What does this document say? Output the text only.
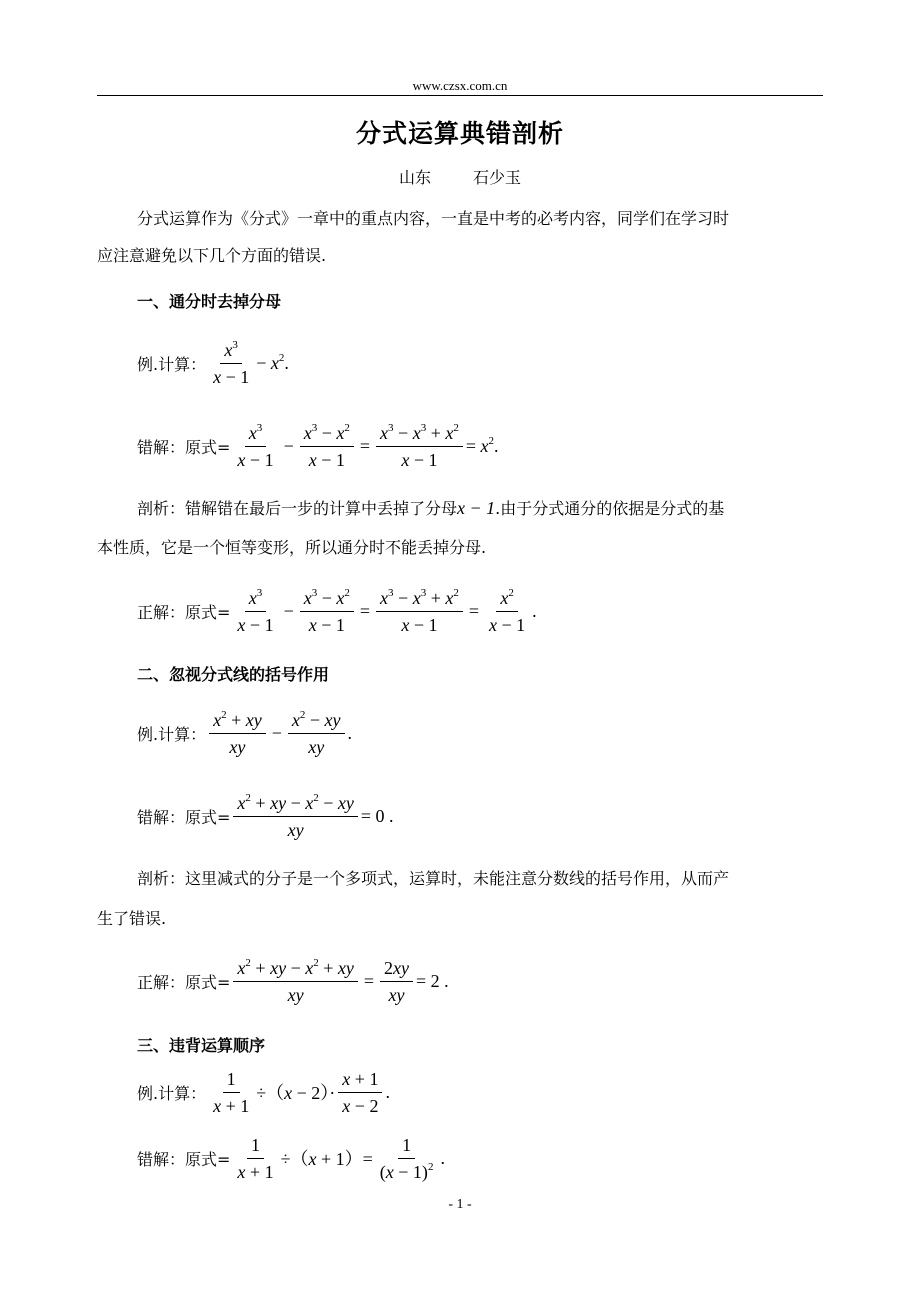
www.czsx.com.cn
分式运算典错剖析
山东	石少玉
分式运算作为《分式》一章中的重点内容，一直是中考的必考内容，同学们在学习时
应注意避免以下几个方面的错误.
一、通分时去掉分母
例.计算： $\frac{x^3}{x - 1} - x^2$.
错解：原式= $\frac{x^3}{x - 1} - \frac{x^3 - x^2}{x - 1} = \frac{x^3 - x^3 + x^2}{x - 1} = x^2$.
剖析：错解错在最后一步的计算中丢掉了分母x − 1.由于分式通分的依据是分式的基
本性质，它是一个恒等变形，所以通分时不能丢掉分母.
正解：原式= $\frac{x^3}{x - 1} - \frac{x^3 - x^2}{x - 1} = \frac{x^3 - x^3 + x^2}{x - 1} = \frac{x^2}{x - 1}$ .
二、忽视分式线的括号作用
例.计算： $\frac{x^2 + xy}{xy} - \frac{x^2 - xy}{xy}$ .
错解：原式= $\frac{x^2 + xy - x^2 - xy}{xy} = 0$ .
剖析：这里减式的分子是一个多项式，运算时，未能注意分数线的括号作用，从而产
生了错误.
正解：原式= $\frac{x^2 + xy - x^2 + xy}{xy} = \frac{2xy}{xy} = 2$ .
三、违背运算顺序
例.计算： $\frac{1}{x + 1} \div(x - 2)\cdot \frac{x + 1}{x - 2}$ .
错解：原式= $\frac{1}{x + 1} \div(x + 1)= \frac{1}{(x - 1)^2}$ .
- 1 -
